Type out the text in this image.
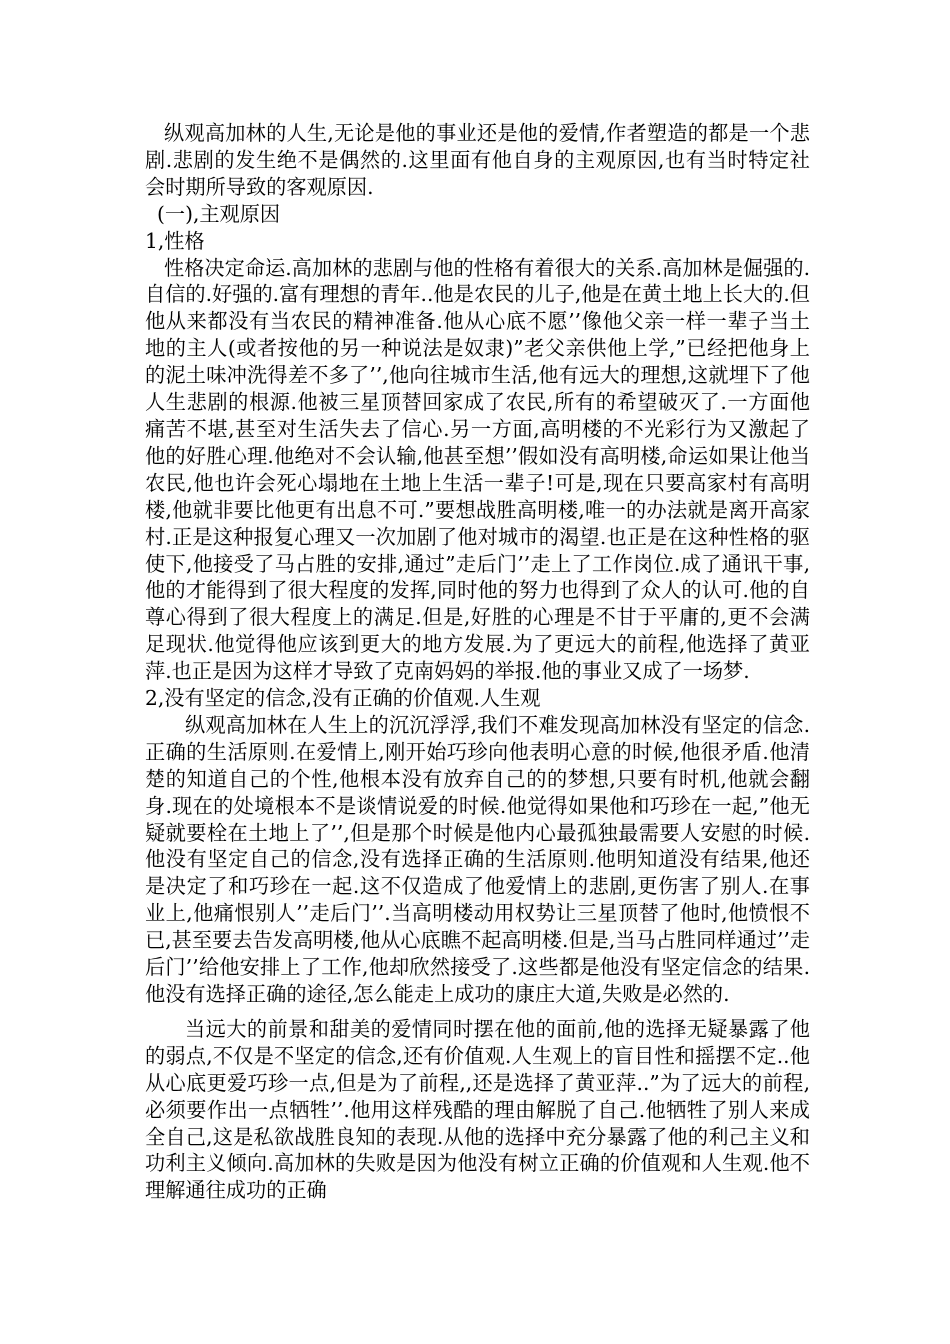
纵观高加林的人生,无论是他的事业还是他的爱情,作者塑造的都是一个悲剧.悲剧的发生绝不是偶然的.这里面有他自身的主观原因,也有当时特定社会时期所导致的客观原因.

(一),主观原因

1,性格

性格决定命运.高加林的悲剧与他的性格有着很大的关系.高加林是倔强的.自信的.好强的.富有理想的青年..他是农民的儿子,他是在黄土地上长大的.但他从来都没有当农民的精神准备.他从心底不愿’’像他父亲一样一辈子当土地的主人(或者按他的另一种说法是奴隶)”老父亲供他上学,”已经把他身上的泥土味冲洗得差不多了’’,他向往城市生活,他有远大的理想,这就埋下了他人生悲剧的根源.他被三星顶替回家成了农民,所有的希望破灭了.一方面他痛苦不堪,甚至对生活失去了信心.另一方面,高明楼的不光彩行为又激起了他的好胜心理.他绝对不会认输,他甚至想’’假如没有高明楼,命运如果让他当农民,他也许会死心塌地在土地上生活一辈子!可是,现在只要高家村有高明楼,他就非要比他更有出息不可.”要想战胜高明楼,唯一的办法就是离开高家村.正是这种报复心理又一次加剧了他对城市的渴望.也正是在这种性格的驱使下,他接受了马占胜的安排,通过”走后门’’走上了工作岗位.成了通讯干事,他的才能得到了很大程度的发挥,同时他的努力也得到了众人的认可.他的自尊心得到了很大程度上的满足.但是,好胜的心理是不甘于平庸的,更不会满足现状.他觉得他应该到更大的地方发展.为了更远大的前程,他选择了黄亚萍.也正是因为这样才导致了克南妈妈的举报.他的事业又成了一场梦.

2,没有坚定的信念,没有正确的价值观.人生观

纵观高加林在人生上的沉沉浮浮,我们不难发现高加林没有坚定的信念.正确的生活原则.在爱情上,刚开始巧珍向他表明心意的时候,他很矛盾.他清楚的知道自己的个性,他根本没有放弃自己的的梦想,只要有时机,他就会翻身.现在的处境根本不是谈情说爱的时候.他觉得如果他和巧珍在一起,”他无疑就要栓在土地上了’’,但是那个时候是他内心最孤独最需要人安慰的时候.他没有坚定自己的信念,没有选择正确的生活原则.他明知道没有结果,他还是决定了和巧珍在一起.这不仅造成了他爱情上的悲剧,更伤害了别人.在事业上,他痛恨别人’’走后门’’.当高明楼动用权势让三星顶替了他时,他愤恨不已,甚至要去告发高明楼,他从心底瞧不起高明楼.但是,当马占胜同样通过’’走后门’’给他安排上了工作,他却欣然接受了.这些都是他没有坚定信念的结果.他没有选择正确的途径,怎么能走上成功的康庄大道,失败是必然的.

当远大的前景和甜美的爱情同时摆在他的面前,他的选择无疑暴露了他的弱点,不仅是不坚定的信念,还有价值观.人生观上的盲目性和摇摆不定..他从心底更爱巧珍一点,但是为了前程,,还是选择了黄亚萍..”为了远大的前程,必须要作出一点牺牲’’.他用这样残酷的理由解脱了自己.他牺牲了别人来成全自己,这是私欲战胜良知的表现.从他的选择中充分暴露了他的利己主义和功利主义倾向.高加林的失败是因为他没有树立正确的价值观和人生观.他不理解通往成功的正确
